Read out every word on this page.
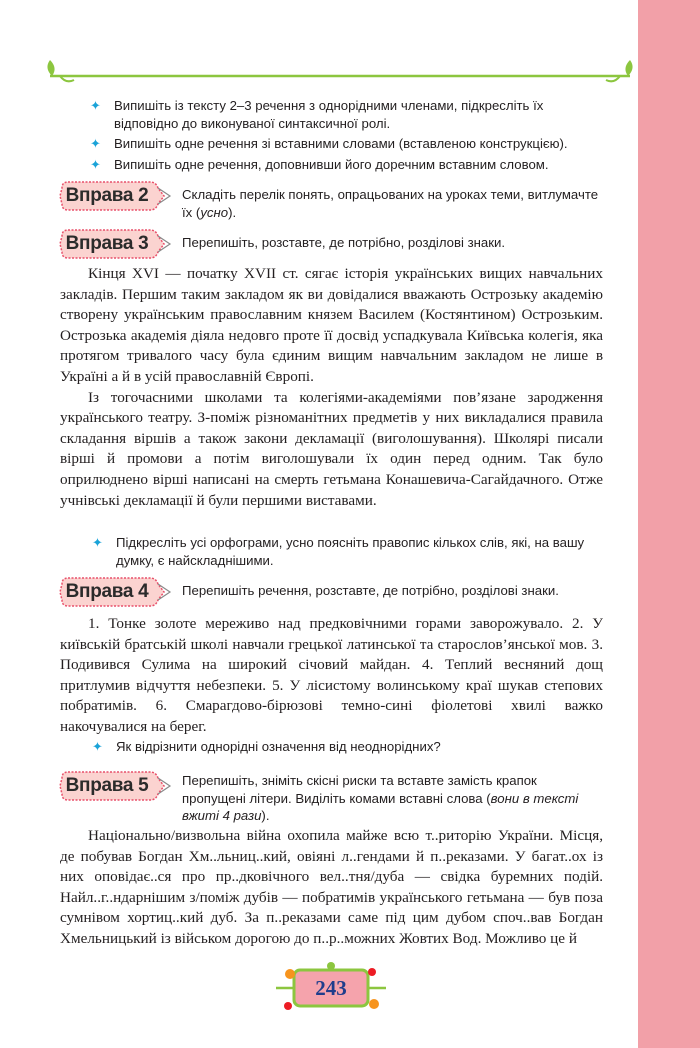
✦ Випишіть із тексту 2–3 речення з однорідними членами, підкресліть їх відповідно до виконуваної синтаксичної ролі.
✦ Випишіть одне речення зі вставними словами (вставленою конструкцією).
✦ Випишіть одне речення, доповнивши його доречним вставним словом.
Вправа 2	Складіть перелік понять, опрацьованих на уроках теми, витлумачте їх (усно).
Вправа 3	Перепишіть, розставте, де потрібно, розділові знаки.

Кінця XVI — початку XVII ст. сягає історія українських вищих навчальних закладів. Першим таким закладом як ви довідалися вважають Острозьку академію створену українським православним князем Василем (Костянтином) Острозьким. Острозька академія діяла недовго проте її досвід успадкувала Київська колегія, яка протягом тривалого часу була єдиним вищим навчальним закладом не лише в Україні а й в усій православній Європі.

Із тогочасними школами та колегіями-академіями пов’язане зародження українського театру. З-поміж різноманітних предметів у них викладалися правила складання віршів а також закони декламації (виголошування). Школярі писали вірші й промови а потім виголошували їх один перед одним. Так було оприлюднено вірші написані на смерть гетьмана Конашевича-Сагайдачного. Отже учнівські декламації й були першими виставами.

✦ Підкресліть усі орфограми, усно поясніть правопис кількох слів, які, на вашу думку, є найскладнішими.
Вправа 4	Перепишіть речення, розставте, де потрібно, розділові знаки.

1. Тонке золоте мереживо над предковічними горами заворожувало. 2. У київській братській школі навчали грецької латинської та старослов’янської мов. 3. Подивився Сулима на широкий січовий майдан. 4. Теплий весняний дощ притлумив відчуття небезпеки. 5. У лісистому волинському краї шукав степових побратимів. 6. Смарагдово-бірюзові темно-сині фіолетові хвилі важко накочувалися на берег.

✦ Як відрізнити однорідні означення від неоднорідних?
Вправа 5	Перепишіть, зніміть скісні риски та вставте замість крапок пропущені літери. Виділіть комами вставні слова (вони в тексті вжиті 4 рази).

Національно/визвольна війна охопила майже всю т..риторію України. Місця, де побував Богдан Хм..льниц..кий, овіяні л..гендами й п..реказами. У багат..ох із них оповідає..ся про пр..дковічного вел..тня/дуба — свідка буремних подій. Найл..г..ндарнішим з/поміж дубів — побратимів українського гетьмана — був поза сумнівом хортиц..кий дуб. За п..реказами саме під цим дубом споч..вав Богдан Хмельницький із військом дорогою до п..р..можних Жовтих Вод. Можливо це й

243
